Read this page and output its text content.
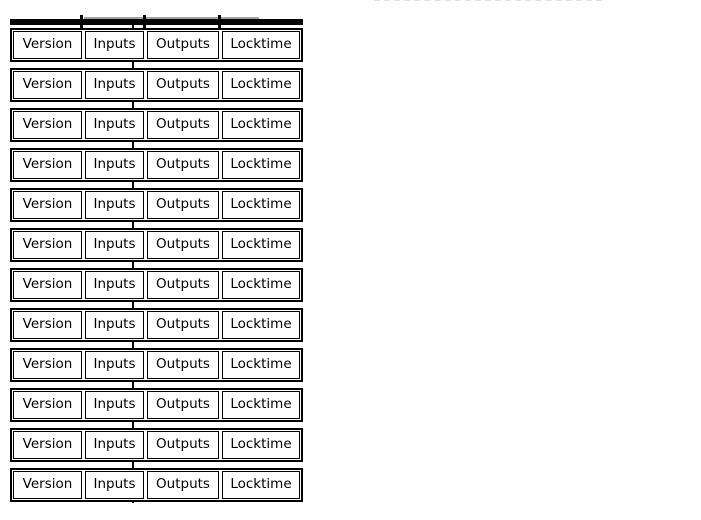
Version	Inputs	Outputs	Locktime
Version	Inputs	Outputs	Locktime
Version	Inputs	Outputs	Locktime
Version	Inputs	Outputs	Locktime
Version	Inputs	Outputs	Locktime
Version	Inputs	Outputs	Locktime
Version	Inputs	Outputs	Locktime
Version	Inputs	Outputs	Locktime
Version	Inputs	Outputs	Locktime
Version	Inputs	Outputs	Locktime
Version	Inputs	Outputs	Locktime
Version	Inputs	Outputs	Locktime
